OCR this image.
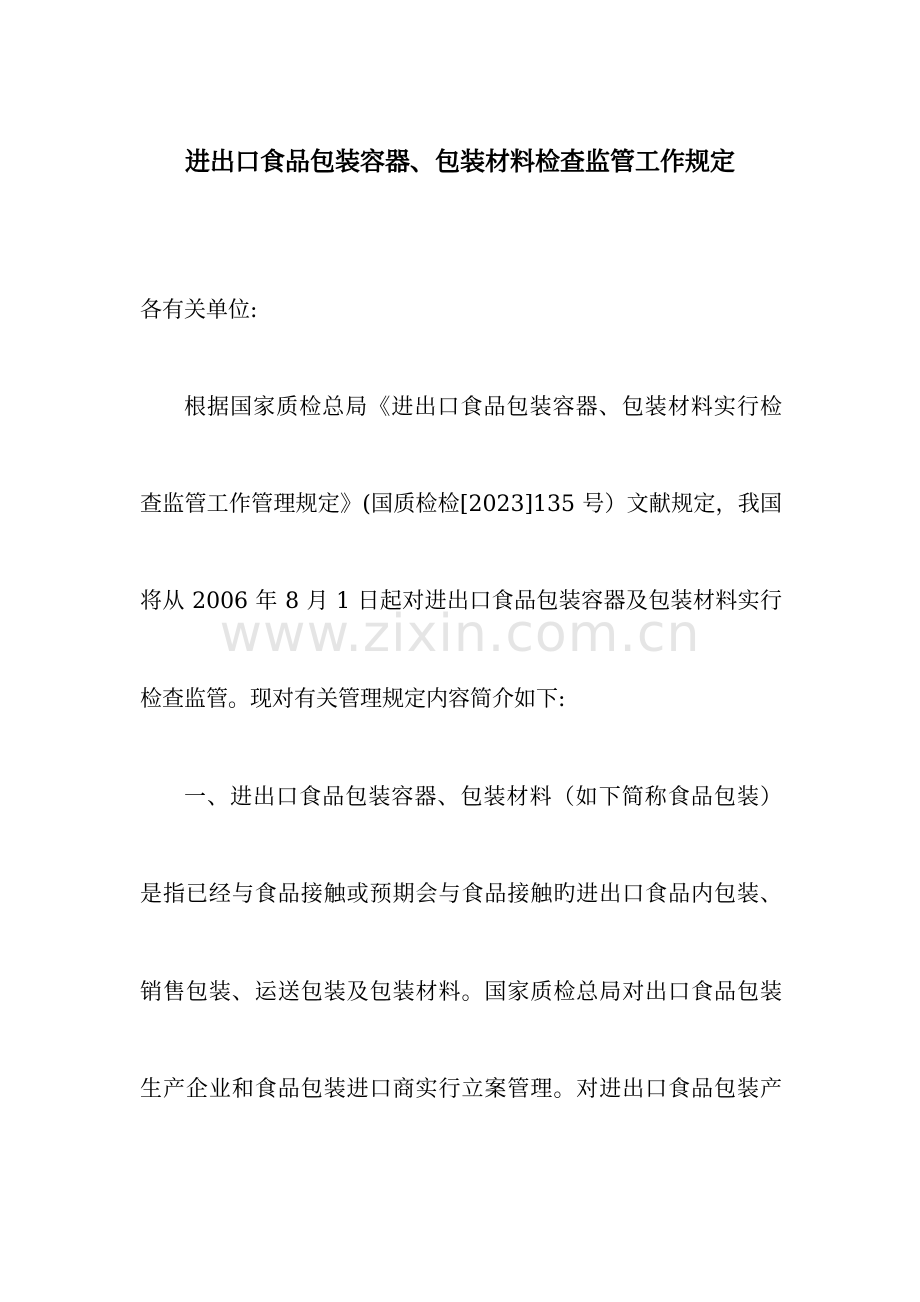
进出口食品包装容器、包装材料检查监管工作规定
各有关单位:
根据国家质检总局《进出口食品包装容器、包装材料实行检
查监管工作管理规定》(国质检检[2023]135 号）文献规定，我国
将从 2006 年 8 月 1 日起对进出口食品包装容器及包装材料实行
检查监管。现对有关管理规定内容简介如下:
一、进出口食品包装容器、包装材料（如下简称食品包装）
是指已经与食品接触或预期会与食品接触旳进出口食品内包装、
销售包装、运送包装及包装材料。国家质检总局对出口食品包装
生产企业和食品包装进口商实行立案管理。对进出口食品包装产
www.zixin.com.cn
